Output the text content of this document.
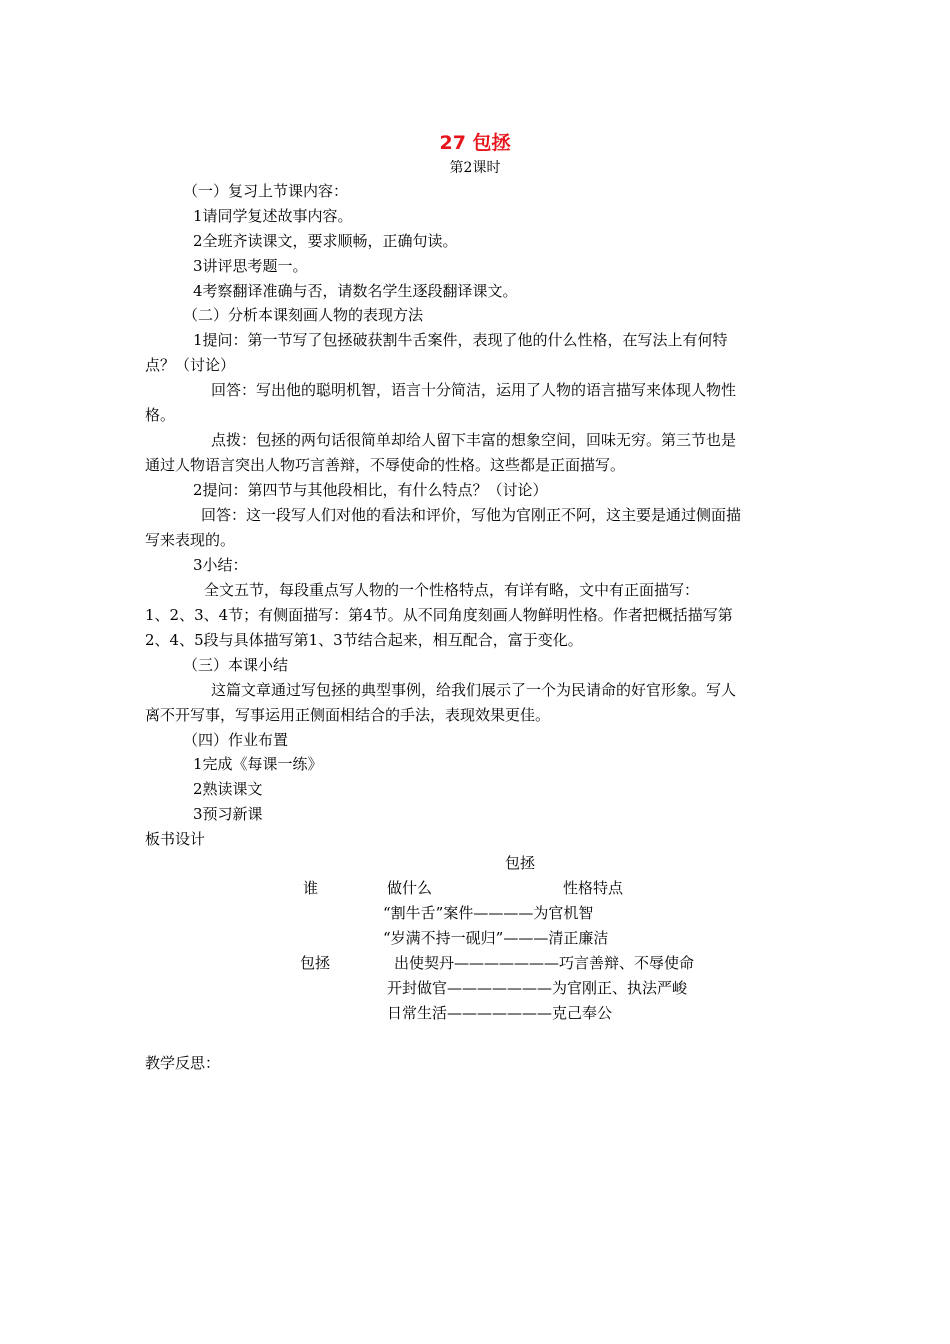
27 包拯
第2课时
（一）复习上节课内容：
1请同学复述故事内容。
2全班齐读课文，要求顺畅，正确句读。
3讲评思考题一。
4考察翻译准确与否，请数名学生逐段翻译课文。
（二）分析本课刻画人物的表现方法
1提问：第一节写了包拯破获割牛舌案件，表现了他的什么性格，在写法上有何特
点？（讨论）
回答：写出他的聪明机智，语言十分简洁，运用了人物的语言描写来体现人物性
格。
点拨：包拯的两句话很简单却给人留下丰富的想象空间，回味无穷。第三节也是
通过人物语言突出人物巧言善辩，不辱使命的性格。这些都是正面描写。
2提问：第四节与其他段相比，有什么特点？（讨论）
回答：这一段写人们对他的看法和评价，写他为官刚正不阿，这主要是通过侧面描
写来表现的。
3小结：
全文五节，每段重点写人物的一个性格特点，有详有略，文中有正面描写：
1、2、3、4节；有侧面描写：第4节。从不同角度刻画人物鲜明性格。作者把概括描写第
2、4、5段与具体描写第1、3节结合起来，相互配合，富于变化。
（三）本课小结
这篇文章通过写包拯的典型事例，给我们展示了一个为民请命的好官形象。写人
离不开写事，写事运用正侧面相结合的手法，表现效果更佳。
（四）作业布置
1完成《每课一练》
2熟读课文
3预习新课
板书设计
包拯
谁	做什么	性格特点
“割牛舌”案件————为官机智
“岁满不持一砚归”———清正廉洁
包拯	出使契丹———————巧言善辩、不辱使命
开封做官———————为官刚正、执法严峻
日常生活———————克己奉公
教学反思：
